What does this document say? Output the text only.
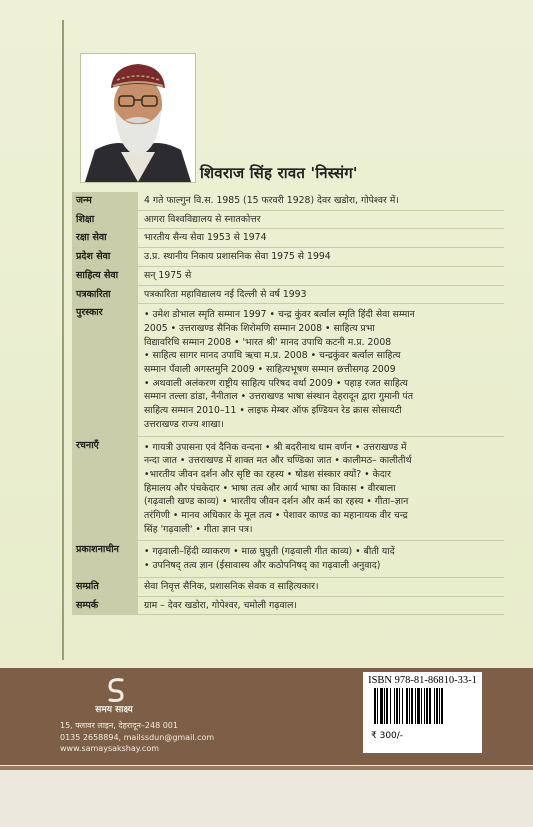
शिवराज सिंह रावत 'निस्संग'
जन्म	4 गते फाल्गुन वि.स. 1985 (15 फरवरी 1928) देवर खडोरा, गोपेश्वर में।
शिक्षा	आगरा विश्वविद्यालय से स्नातकोत्तर
रक्षा सेवा	भारतीय सैन्य सेवा 1953 से 1974
प्रदेश सेवा	उ.प्र. स्थानीय निकाय प्रशासनिक सेवा 1975 से 1994
साहित्य सेवा	सन् 1975 से
पत्रकारिता	पत्रकारिता महाविद्यालय नई दिल्ली से वर्ष 1993
पुरस्कार	• उमेश डोभाल स्मृति सम्मान 1997 • चन्द्र कुंवर बर्त्वाल स्मृति हिंदी सेवा सम्मान
2005 • उत्तराखण्ड सैनिक शिरोमणि सम्मान 2008 • साहित्य प्रभा
विद्यावरिधि सम्मान 2008 • 'भारत श्री' मानद उपाधि कटनी म.प्र. 2008
• साहित्य सागर मानद उपाधि ऋचा म.प्र. 2008 • चन्द्रकुंवर बर्त्वाल साहित्य
सम्मान पँवाली अगस्तमुनि 2009 • साहित्यभूषण सम्मान छत्तीसगढ़ 2009
• अथवाली अलंकरण राष्ट्रीय साहित्य परिषद वर्धा 2009 • पहाड़ रजत साहित्य
सम्मान तल्ला डांडा, नैनीताल • उत्तराखण्ड भाषा संस्थान देहरादून द्वारा गुमानी पंत
साहित्य सम्मान 2010–11 • लाइफ मेम्बर ऑफ इण्डियन रेड क्रास सोसायटी
उत्तराखण्ड राज्य शाखा।
रचनाएँ	• गायत्री उपासना एवं दैनिक वन्दना • श्री बदरीनाथ धाम वर्णन • उत्तराखण्ड में
नन्दा जात • उत्तराखण्ड में शाक्त मत और चण्डिका जात • कालीमठ– कालीतीर्थ
•भारतीय जीवन दर्शन और सृष्टि का रहस्य • षोडश संस्कार क्यों? • केदार
हिमालय और पंचकेदार • भाषा तत्व और आर्य भाषा का विकास • वीरबाला
(गढ़वाली खण्ड काव्य) • भारतीय जीवन दर्शन और कर्म का रहस्य • गीता–ज्ञान
तरंगिणी • मानव अधिकार के मूल तत्व • पेशावर काण्ड का महानायक वीर चन्द्र
सिंह 'गढ़वाली' • गीता ज्ञान पत्र।
प्रकाशनाधीन	• गढ़वाली–हिंदी व्याकरण • माळ घुघुती (गढ़वाली गीत काव्य) • बीती यादें
• उपनिषद् तत्व ज्ञान (ईसावास्य और कठोपनिषद् का गढ़वाली अनुवाद)
सम्प्रति	सेवा निवृत्त सैनिक, प्रशासनिक सेवक व साहित्यकार।
सम्पर्क	ग्राम – देवर खडोरा, गोपेश्वर, चमोली गढ़वाल।
समय साक्ष्य
15, फ्लावर लाइन, देहरादून–248 001
0135 2658894, mailssdun@gmail.com
www.samaysakshay.com
ISBN 978-81-86810-33-1
₹ 300/-
